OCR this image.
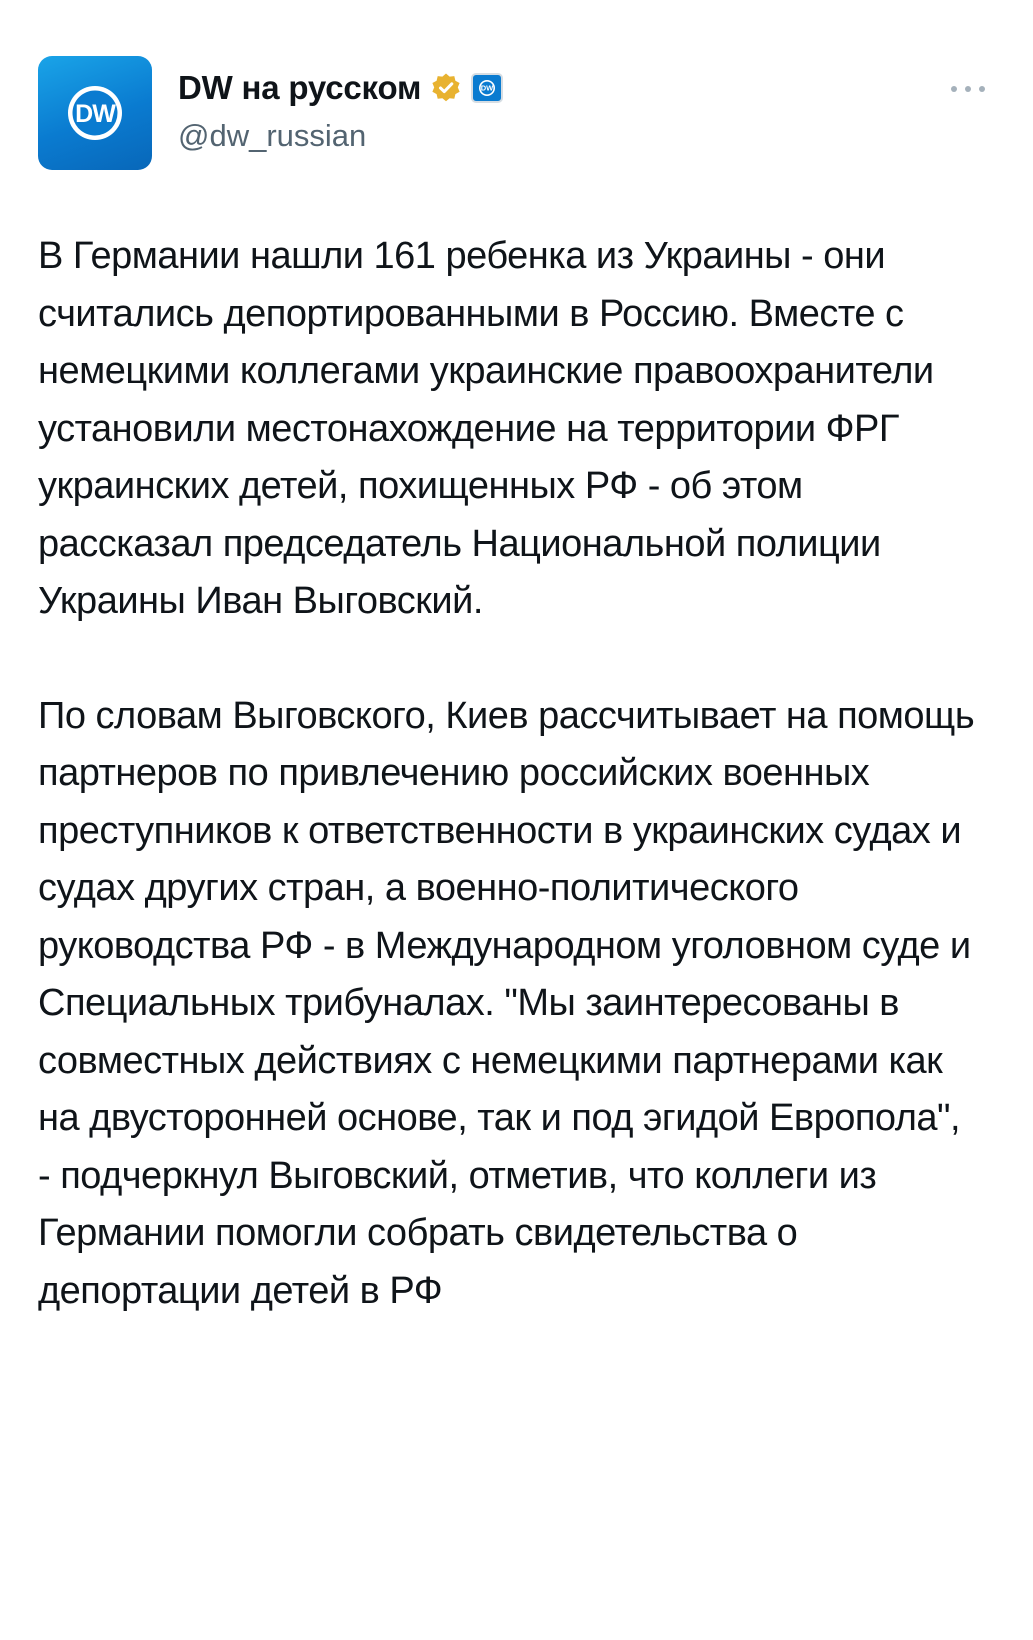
DW
DW на русском	DW
@dw_russian

В Германии нашли 161 ребенка из Украины - они считались депортированными в Россию. Вместе с немецкими коллегами украинские правоохранители установили местонахождение на территории ФРГ украинских детей, похищенных РФ - об этом рассказал председатель Национальной полиции Украины Иван Выговский.

По словам Выговского, Киев рассчитывает на помощь партнеров по привлечению российских военных преступников к ответственности в украинских судах и судах других стран, а военно-политического руководства РФ - в Международном уголовном суде и Специальных трибуналах. "Мы заинтересованы в совместных действиях с немецкими партнерами как на двусторонней основе, так и под эгидой Европола", - подчеркнул Выговский, отметив, что коллеги из Германии помогли собрать свидетельства о депортации детей в РФ
